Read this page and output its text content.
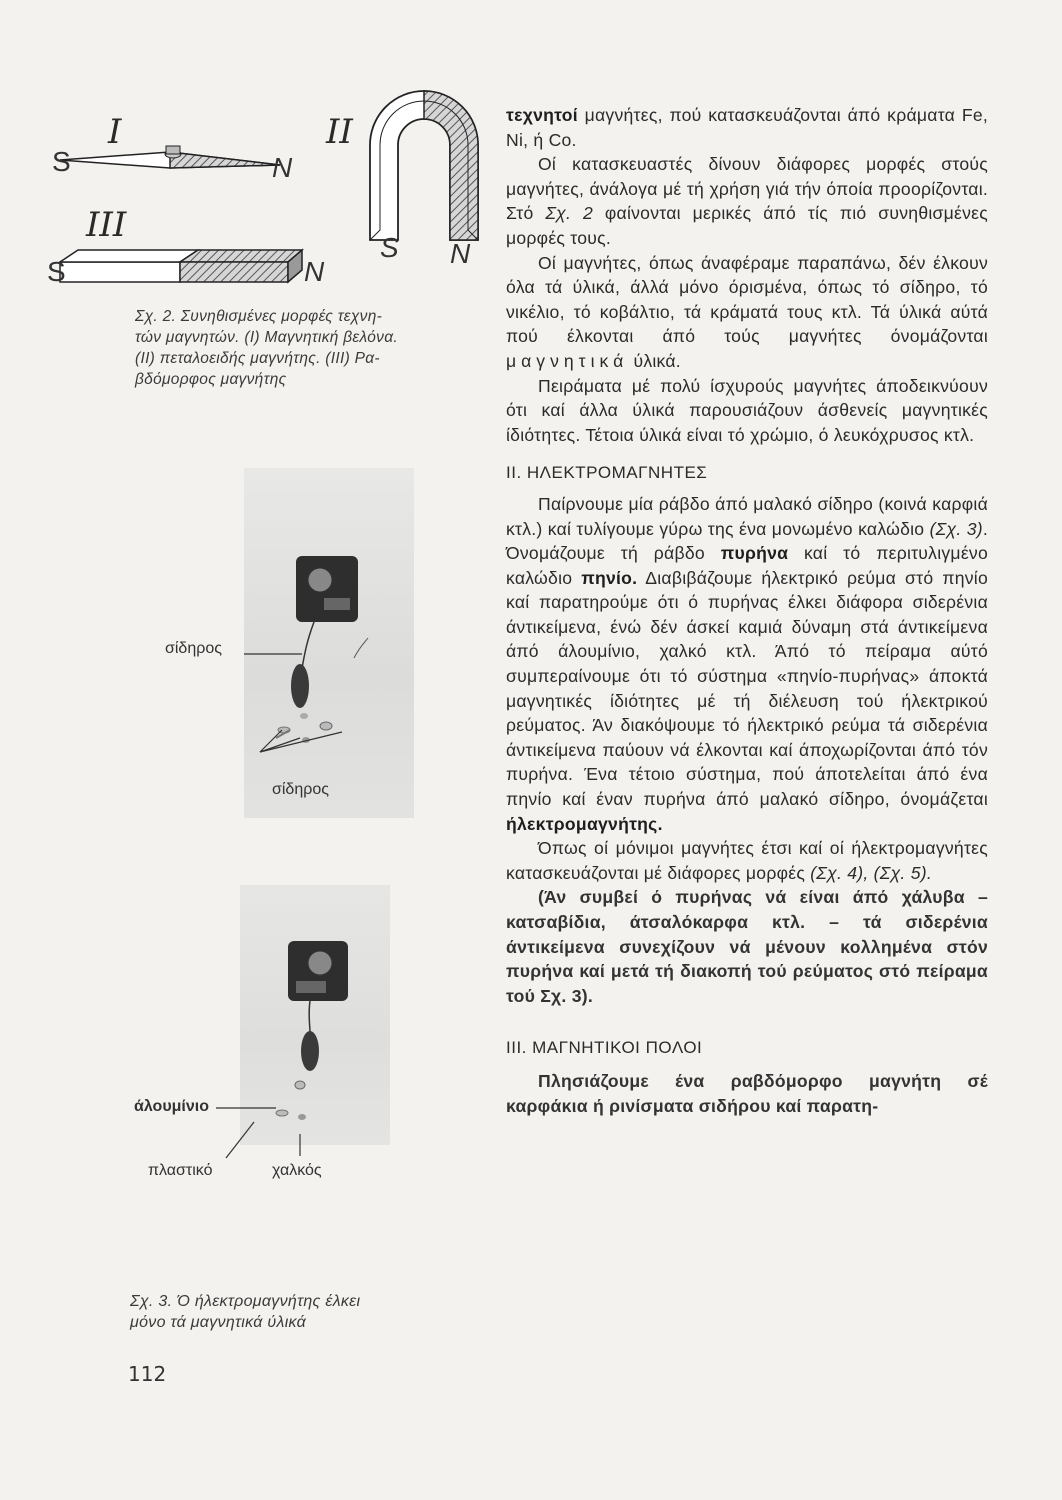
I	II
III
S	N
S	N
S N
Σχ. 2. Συνηθισμένες μορφές τεχνη-
τών μαγνητών. (I) Μαγνητική βελόνα.
(II) πεταλοειδής μαγνήτης. (III) Ρα-
βδόμορφος μαγνήτης
σίδηρος
σίδηρος
άλουμίνιο
πλαστικό	χαλκός
Σχ. 3. Ό ήλεκτρομαγνήτης έλκει
μόνο τά μαγνητικά ύλικά
112

τεχνητοί μαγνήτες, πού κατασκευάζονται άπό κράματα Fe, Ni, ή Co.

Οί κατασκευαστές δίνουν διάφορες μορφές στούς μαγνήτες, άνάλογα μέ τή χρήση γιά τήν όποία προορίζονται. Στό Σχ. 2 φαίνονται μερικές άπό τίς πιό συνηθισμένες μορφές τους.

Οί μαγνήτες, όπως άναφέραμε παραπάνω, δέν έλκουν όλα τά ύλικά, άλλά μόνο όρισμένα, όπως τό σίδηρο, τό νικέλιο, τό κοβάλτιο, τά κράματά τους κτλ. Τά ύλικά αύτά πού έλκονται άπό τούς μαγνήτες όνομάζονται μαγνητικά ύλικά.

Πειράματα μέ πολύ ίσχυρούς μαγνήτες άποδεικνύουν ότι καί άλλα ύλικά παρουσιάζουν άσθενείς μαγνητικές ίδιότητες. Τέτοια ύλικά είναι τό χρώμιο, ό λευκόχρυσος κτλ.

II. ΗΛΕΚΤΡΟΜΑΓΝΗΤΕΣ

Παίρνουμε μία ράβδο άπό μαλακό σίδηρο (κοινά καρφιά κτλ.) καί τυλίγουμε γύρω της ένα μονωμένο καλώδιο (Σχ. 3). Όνομάζουμε τή ράβδο πυρήνα καί τό περιτυλιγμένο καλώδιο πηνίο. Διαβιβάζουμε ήλεκτρικό ρεύμα στό πηνίο καί παρατηρούμε ότι ό πυρήνας έλκει διάφορα σιδερένια άντικείμενα, ένώ δέν άσκεί καμιά δύναμη στά άντικείμενα άπό άλουμίνιο, χαλκό κτλ. Άπό τό πείραμα αύτό συμπεραίνουμε ότι τό σύστημα «πηνίο-πυρήνας» άποκτά μαγνητικές ίδιότητες μέ τή διέλευση τού ήλεκτρικού ρεύματος. Άν διακόψουμε τό ήλεκτρικό ρεύμα τά σιδερένια άντικείμενα παύουν νά έλκονται καί άποχωρίζονται άπό τόν πυρήνα. Ένα τέτοιο σύστημα, πού άποτελείται άπό ένα πηνίο καί έναν πυρήνα άπό μαλακό σίδηρο, όνομάζεται ήλεκτρομαγνήτης.

Όπως οί μόνιμοι μαγνήτες έτσι καί οί ήλεκτρομαγνήτες κατασκευάζονται μέ διάφορες μορφές (Σχ. 4), (Σχ. 5).

(Άν συμβεί ό πυρήνας νά είναι άπό χάλυβα – κατσαβίδια, άτσαλόκαρφα κτλ. – τά σιδερένια άντικείμενα συνεχίζουν νά μένουν κολλημένα στόν πυρήνα καί μετά τή διακοπή τού ρεύματος στό πείραμα τού Σχ. 3).

III. ΜΑΓΝΗΤΙΚΟΙ ΠΟΛΟΙ

Πλησιάζουμε ένα ραβδόμορφο μαγνήτη σέ καρφάκια ή ρινίσματα σιδήρου καί παρατη-
